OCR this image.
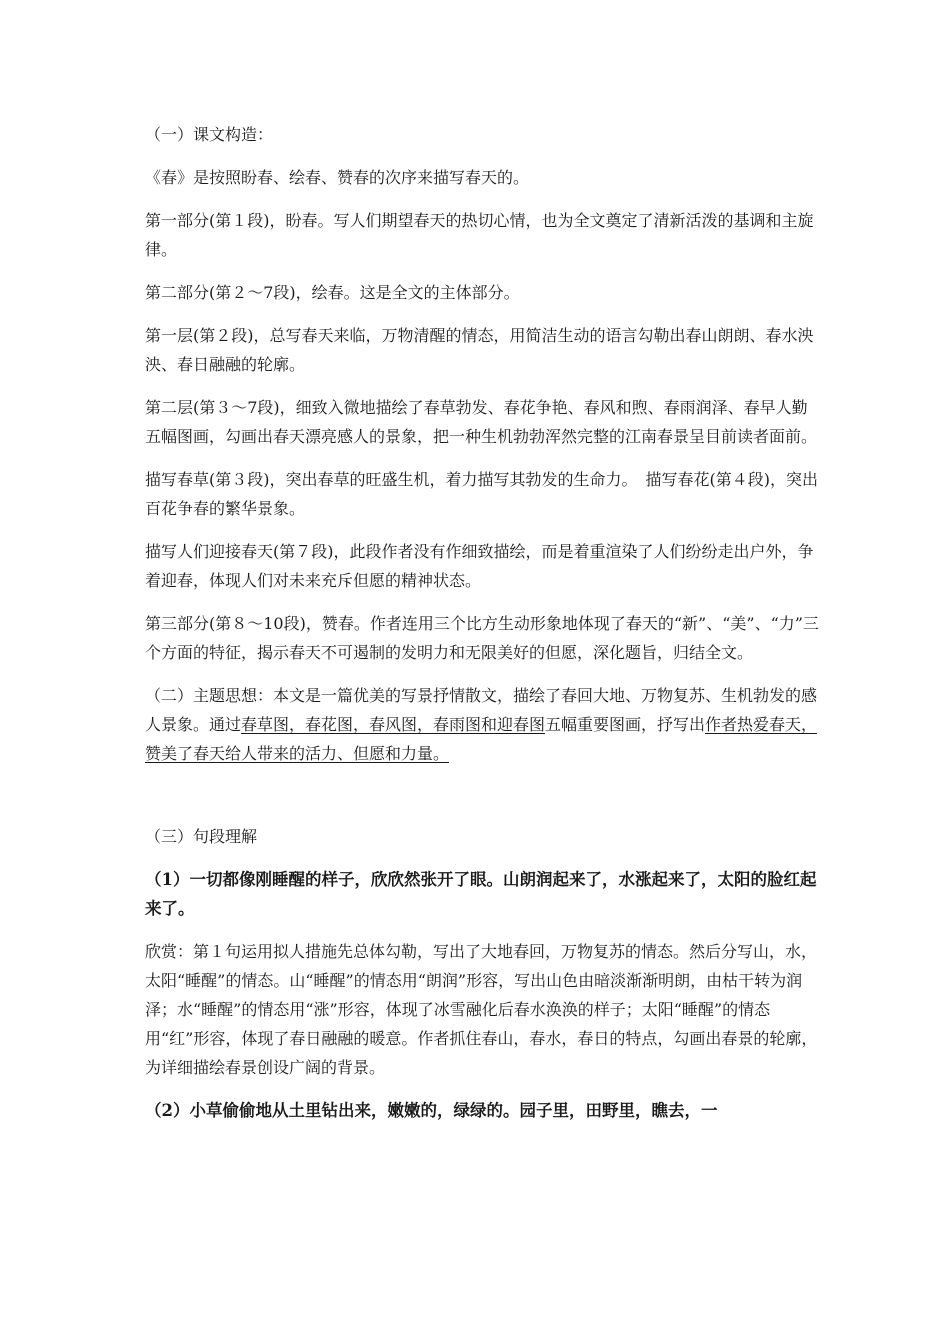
（一）课文构造：

《春》是按照盼春、绘春、赞春的次序来描写春天的。

第一部分(第１段)，盼春。写人们期望春天的热切心情，也为全文奠定了清新活泼的基调和主旋律。

第二部分(第２～7段)，绘春。这是全文的主体部分。

第一层(第２段)，总写春天来临，万物清醒的情态，用简洁生动的语言勾勒出春山朗朗、春水泱泱、春日融融的轮廓。

第二层(第３～7段)，细致入微地描绘了春草勃发、春花争艳、春风和煦、春雨润泽、春早人勤五幅图画，勾画出春天漂亮感人的景象，把一种生机勃勃浑然完整的江南春景呈目前读者面前。

描写春草(第３段)，突出春草的旺盛生机，着力描写其勃发的生命力。　描写春花(第４段)，突出百花争春的繁华景象。

描写人们迎接春天(第７段)，此段作者没有作细致描绘，而是着重渲染了人们纷纷走出户外，争着迎春，体现人们对未来充斥但愿的精神状态。

第三部分(第８～10段)，赞春。作者连用三个比方生动形象地体现了春天的“新”、“美”、“力”三个方面的特征，揭示春天不可遏制的发明力和无限美好的但愿，深化题旨，归结全文。

（二）主题思想：本文是一篇优美的写景抒情散文，描绘了春回大地、万物复苏、生机勃发的感人景象。通过春草图，春花图，春风图，春雨图和迎春图五幅重要图画，抒写出作者热爱春天，赞美了春天给人带来的活力、但愿和力量。

（三）句段理解

（1）一切都像刚睡醒的样子，欣欣然张开了眼。山朗润起来了，水涨起来了，太阳的脸红起来了。

欣赏：第１句运用拟人措施先总体勾勒，写出了大地春回，万物复苏的情态。然后分写山，水，太阳“睡醒”的情态。山“睡醒”的情态用“朗润”形容，写出山色由暗淡渐渐明朗，由枯干转为润泽；水“睡醒”的情态用“涨”形容，体现了冰雪融化后春水涣涣的样子；太阳“睡醒”的情态用“红”形容，体现了春日融融的暖意。作者抓住春山，春水，春日的特点，勾画出春景的轮廓，为详细描绘春景创设广阔的背景。

（2）小草偷偷地从土里钻出来，嫩嫩的，绿绿的。园子里，田野里，瞧去，一
